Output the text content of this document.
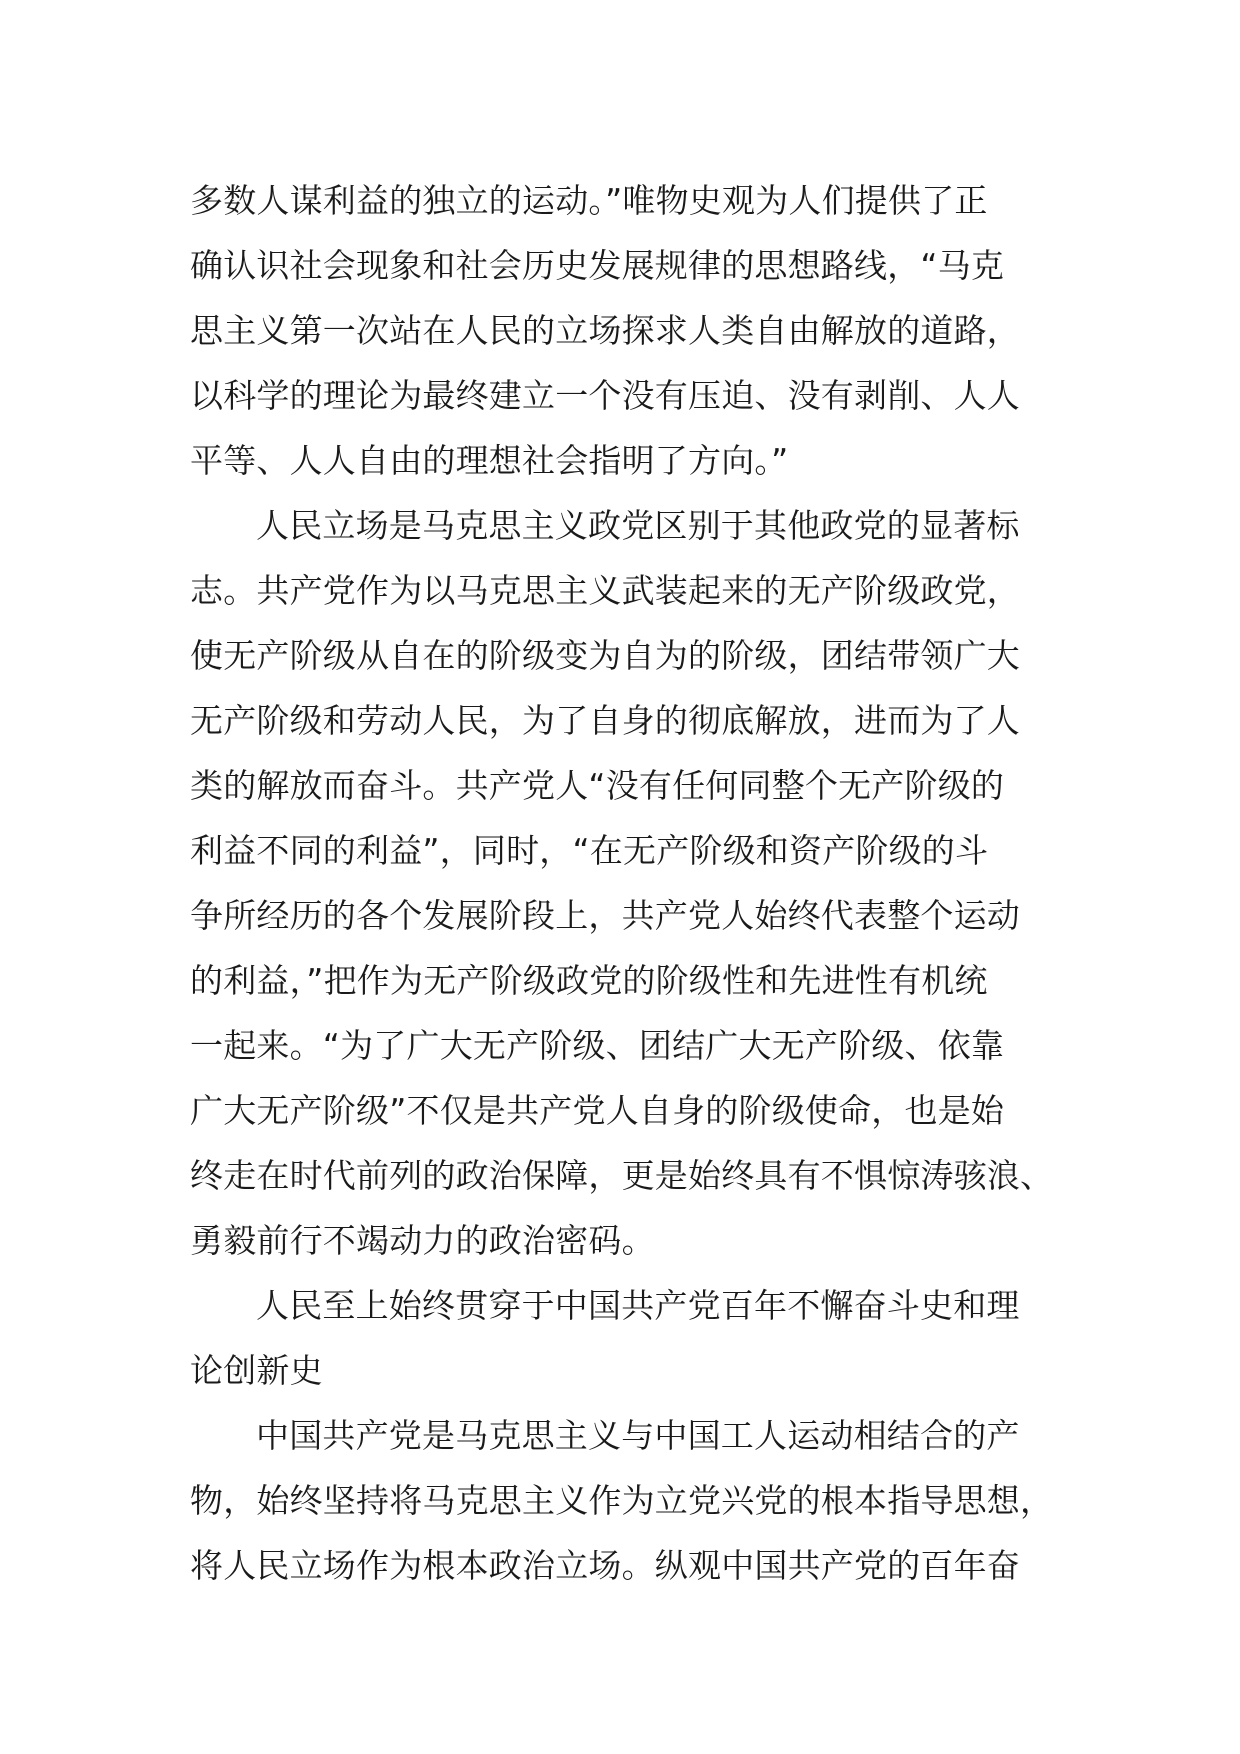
多数人谋利益的独立的运动。”唯物史观为人们提供了正
确认识社会现象和社会历史发展规律的思想路线，“马克
思主义第一次站在人民的立场探求人类自由解放的道路，
以科学的理论为最终建立一个没有压迫、没有剥削、人人
平等、人人自由的理想社会指明了方向。”
人民立场是马克思主义政党区别于其他政党的显著标
志。共产党作为以马克思主义武装起来的无产阶级政党，
使无产阶级从自在的阶级变为自为的阶级，团结带领广大
无产阶级和劳动人民，为了自身的彻底解放，进而为了人
类的解放而奋斗。共产党人“没有任何同整个无产阶级的
利益不同的利益”，同时，“在无产阶级和资产阶级的斗
争所经历的各个发展阶段上，共产党人始终代表整个运动
的利益，”把作为无产阶级政党的阶级性和先进性有机统
一起来。“为了广大无产阶级、团结广大无产阶级、依靠
广大无产阶级”不仅是共产党人自身的阶级使命，也是始
终走在时代前列的政治保障，更是始终具有不惧惊涛骇浪、
勇毅前行不竭动力的政治密码。
人民至上始终贯穿于中国共产党百年不懈奋斗史和理
论创新史
中国共产党是马克思主义与中国工人运动相结合的产
物，始终坚持将马克思主义作为立党兴党的根本指导思想，
将人民立场作为根本政治立场。纵观中国共产党的百年奋
